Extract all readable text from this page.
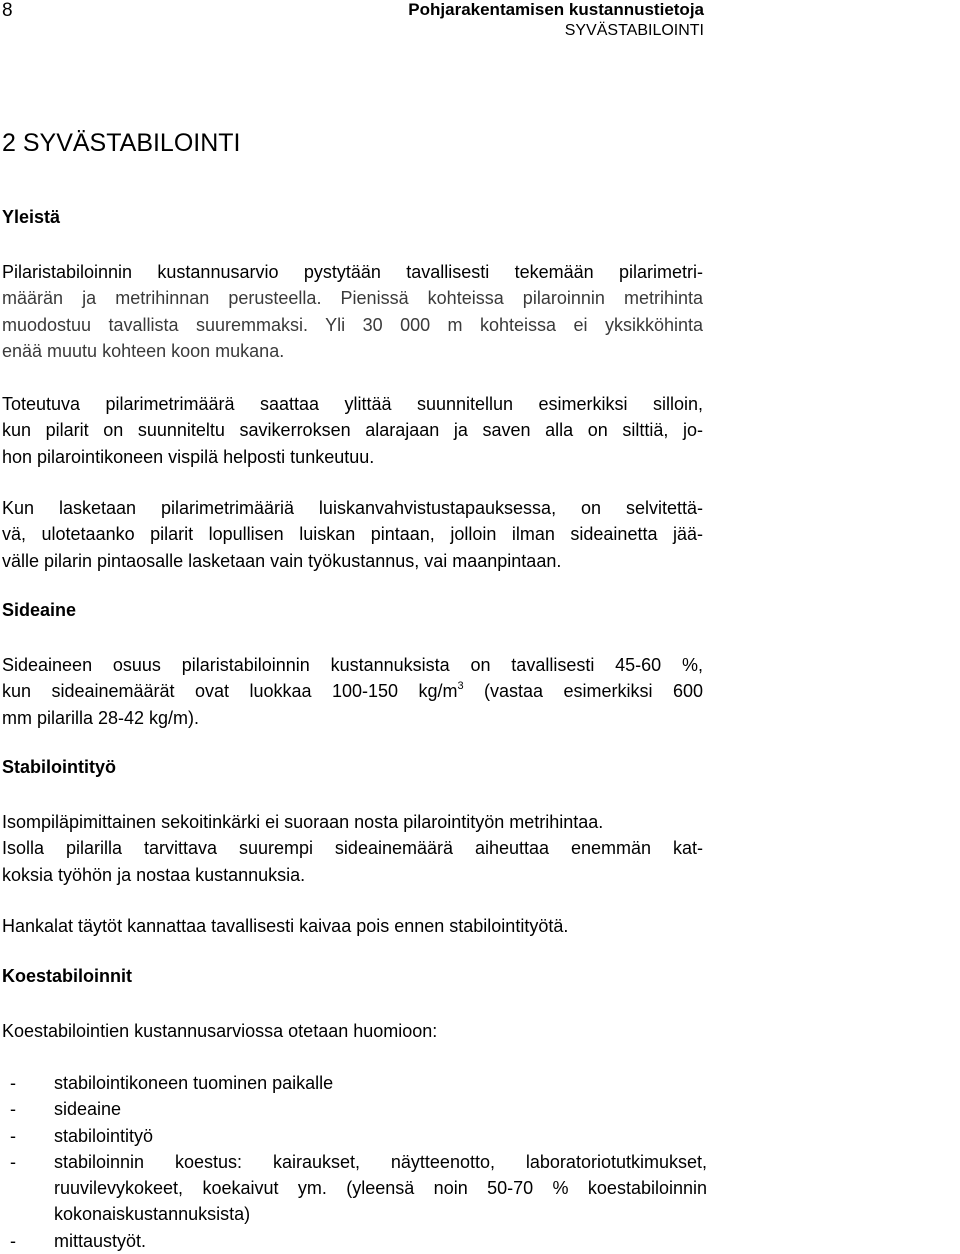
8	Pohjarakentamisen kustannustietoja
SYVÄSTABILOINTI
2 SYVÄSTABILOINTI
Yleistä
Pilaristabiloinnin kustannusarvio pystytään tavallisesti tekemään pilarimetri-
määrän ja metrihinnan perusteella. Pienissä kohteissa pilaroinnin metrihinta
muodostuu tavallista suuremmaksi. Yli 30 000 m kohteissa ei yksikköhinta
enää muutu kohteen koon mukana.
Toteutuva pilarimetrimäärä saattaa ylittää suunnitellun esimerkiksi silloin,
kun pilarit on suunniteltu savikerroksen alarajaan ja saven alla on silttiä, jo-
hon pilarointikoneen vispilä helposti tunkeutuu.
Kun lasketaan pilarimetrimääriä luiskanvahvistustapauksessa, on selvitettä-
vä, ulotetaanko pilarit lopullisen luiskan pintaan, jolloin ilman sideainetta jää-
välle pilarin pintaosalle lasketaan vain työkustannus, vai maanpintaan.
Sideaine
Sideaineen osuus pilaristabiloinnin kustannuksista on tavallisesti 45-60 %,
kun sideainemäärät ovat luokkaa 100-150 $kg/m^3$ (vastaa esimerkiksi 600
mm pilarilla 28-42 kg/m).
Stabilointityö
Isompiläpimittainen sekoitinkärki ei suoraan nosta pilarointityön metrihintaa.
Isolla pilarilla tarvittava suurempi sideainemäärä aiheuttaa enemmän kat-
koksia työhön ja nostaa kustannuksia.
Hankalat täytöt kannattaa tavallisesti kaivaa pois ennen stabilointityötä.
Koestabiloinnit
Koestabilointien kustannusarviossa otetaan huomioon:
- stabilointikoneen tuominen paikalle
- sideaine
- stabilointityö
- stabiloinnin koestus: kairaukset, näytteenotto, laboratoriotutkimukset, ruuvilevykokeet, koekaivut ym. (yleensä noin 50-70 % koestabiloinnin kokonaiskustannuksista)
- mittaustyöt.
